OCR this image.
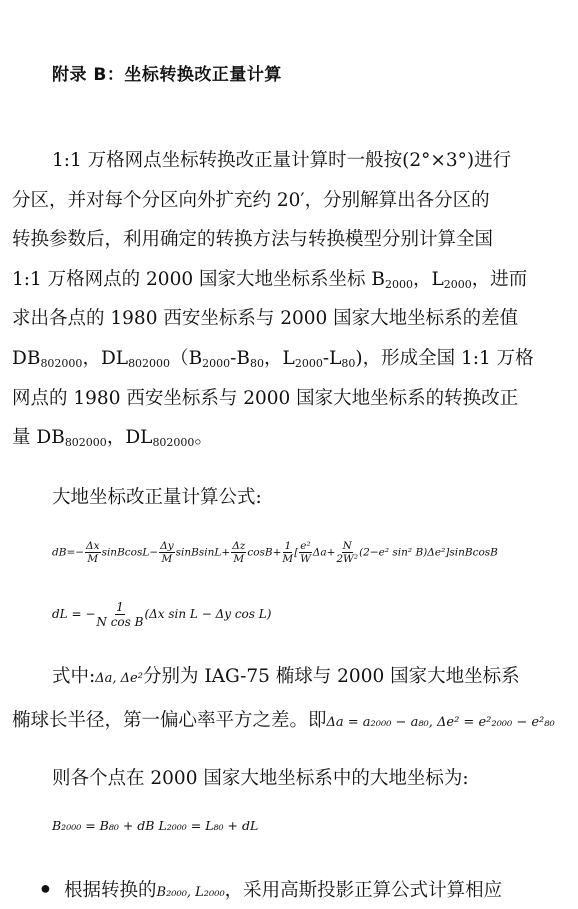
附录 B：坐标转换改正量计算
1:1 万格网点坐标转换改正量计算时一般按(2°×3°)进行
分区，并对每个分区向外扩充约 20′，分别解算出各分区的
转换参数后，利用确定的转换方法与转换模型分别计算全国
1:1 万格网点的 2000 国家大地坐标系坐标 $B_{2000}$，$L_{2000}$，进而
求出各点的 1980 西安坐标系与 2000 国家大地坐标系的差值
$DB_{802000}$，$DL_{802000}(B_{2000}-B_{80}$，$L_{2000}-L_{80}$)，形成全国 1:1 万格
网点的 1980 西安坐标系与 2000 国家大地坐标系的转换改正
量 $DB_{802000}$，$DL_{802000}$。
大地坐标改正量计算公式:
$dB=- \frac{\Delta x}{M}$ sinBcosL− $\frac{\Delta y}{M}$ sinBsinL+ $\frac{\Delta z}{M} \cos B+ \frac{1}{M}$ [ $\frac{\text{e²}}{W} \Delta a+ \frac{N}{\text{2W²}} (2-e^2$ sin² B)Δe²]sinBcosB
dL = − $\frac{1}{\text{N cos B}} (\Delta x$ sin L − Δy cos L)
式中:Δa, Δe²分别为 IAG-75 椭球与 2000 国家大地坐标系
椭球长半径，第一偏心率平方之差。即Δa = a₂₀₀₀ − a₈₀, Δe² = e²₂₀₀₀ − e²₈₀
则各个点在 2000 国家大地坐标系中的大地坐标为:
B₂₀₀₀ = B₈₀ + dB L₂₀₀₀ = L₈₀ + dL
● 根据转换的B₂₀₀₀, L₂₀₀₀，采用高斯投影正算公式计算相应
